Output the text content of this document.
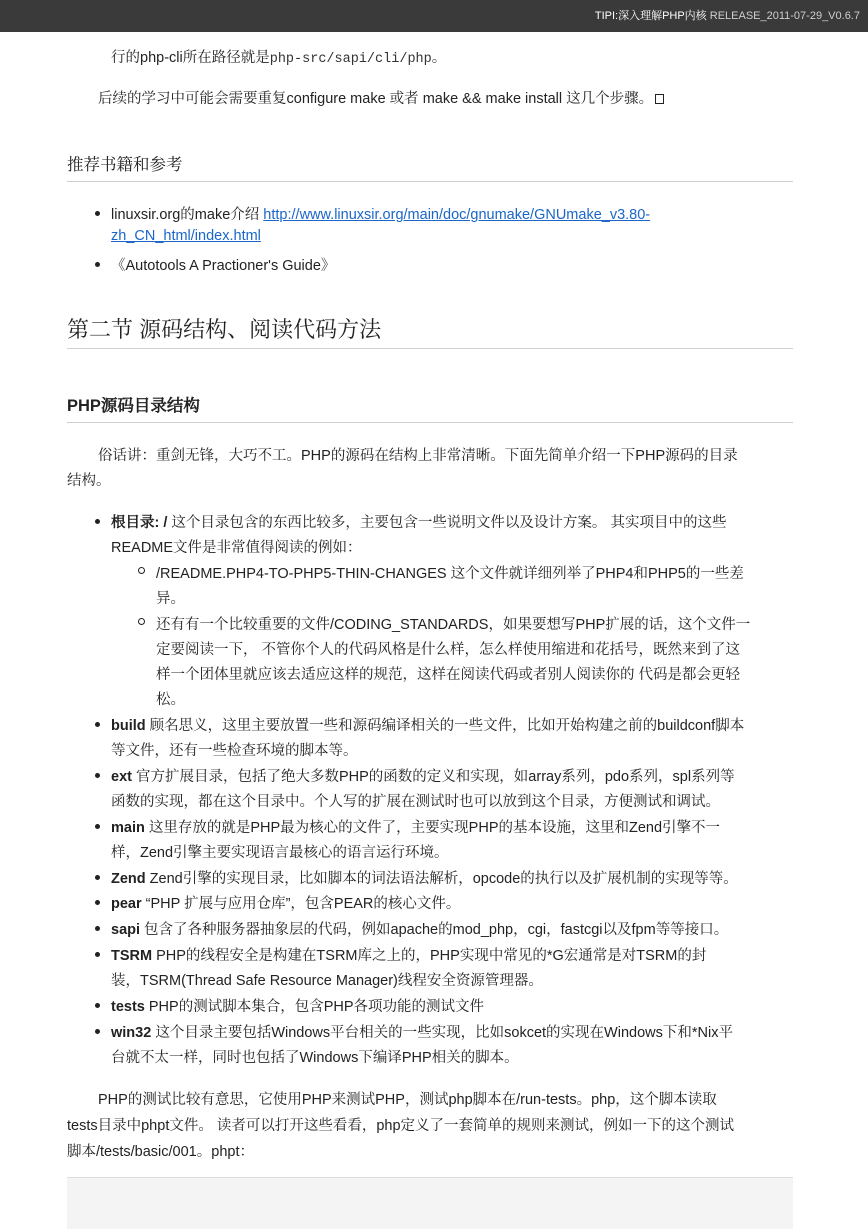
TIPI:深入理解PHP内核 RELEASE_2011-07-29_V0.6.7
行的php-cli所在路径就是php-src/sapi/cli/php。
后续的学习中可能会需要重复configure make 或者 make && make install 这几个步骤。
推荐书籍和参考
linuxsir.org的make介绍 http://www.linuxsir.org/main/doc/gnumake/GNUmake_v3.80-
zh_CN_html/index.html
《Autotools A Practioner's Guide》
第二节 源码结构、阅读代码方法
PHP源码目录结构
俗话讲：重剑无锋，大巧不工。PHP的源码在结构上非常清晰。下面先简单介绍一下PHP源码的目录
结构。
根目录: / 这个目录包含的东西比较多，主要包含一些说明文件以及设计方案。 其实项目中的这些
README文件是非常值得阅读的例如：
/README.PHP4-TO-PHP5-THIN-CHANGES 这个文件就详细列举了PHP4和PHP5的一些差
异。
还有有一个比较重要的文件/CODING_STANDARDS，如果要想写PHP扩展的话，这个文件一
定要阅读一下， 不管你个人的代码风格是什么样，怎么样使用缩进和花括号，既然来到了这
样一个团体里就应该去适应这样的规范，这样在阅读代码或者别人阅读你的 代码是都会更轻
松。
build 顾名思义，这里主要放置一些和源码编译相关的一些文件，比如开始构建之前的buildconf脚本
等文件，还有一些检查环境的脚本等。
ext 官方扩展目录，包括了绝大多数PHP的函数的定义和实现，如array系列，pdo系列，spl系列等
函数的实现，都在这个目录中。个人写的扩展在测试时也可以放到这个目录，方便测试和调试。
main 这里存放的就是PHP最为核心的文件了，主要实现PHP的基本设施，这里和Zend引擎不一
样，Zend引擎主要实现语言最核心的语言运行环境。
Zend Zend引擎的实现目录，比如脚本的词法语法解析，opcode的执行以及扩展机制的实现等等。
pear “PHP 扩展与应用仓库”，包含PEAR的核心文件。
sapi 包含了各种服务器抽象层的代码，例如apache的mod_php，cgi，fastcgi以及fpm等等接口。
TSRM PHP的线程安全是构建在TSRM库之上的，PHP实现中常见的*G宏通常是对TSRM的封
装，TSRM(Thread Safe Resource Manager)线程安全资源管理器。
tests PHP的测试脚本集合，包含PHP各项功能的测试文件
win32 这个目录主要包括Windows平台相关的一些实现，比如sokcet的实现在Windows下和*Nix平
台就不太一样，同时也包括了Windows下编译PHP相关的脚本。
PHP的测试比较有意思，它使用PHP来测试PHP，测试php脚本在/run-tests。php，这个脚本读取
tests目录中phpt文件。 读者可以打开这些看看，php定义了一套简单的规则来测试，例如一下的这个测试
脚本/tests/basic/001。phpt：
